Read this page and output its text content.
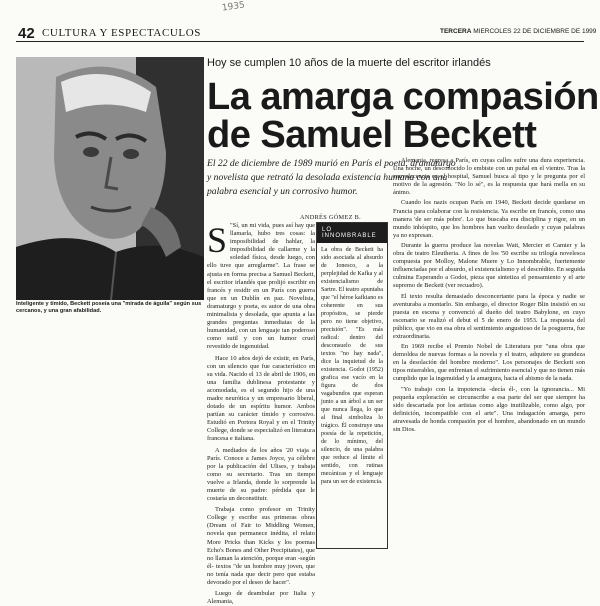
1935
42 CULTURA Y ESPECTACULOS	TERCERA MIERCOLES 22 DE DICIEMBRE DE 1999
Inteligente y tímido, Beckett poseía una "mirada de águila" según sus cercanos, y una gran afabilidad.
Hoy se cumplen 10 años de la muerte del escritor irlandés
La amarga compasión
de Samuel Beckett
El 22 de diciembre de 1989 murió en París el poeta, dramaturgo y novelista que retrató la desolada existencia humana con una palabra esencial y un corrosivo humor.
ANDRÉS GÓMEZ B.
S "Sí, un mi vida, pues así hay que llamarla, hubo tres cosas: la imposibilidad de hablar, la imposibilidad de callarme y la soledad física, desde luego, con ello tuve que arreglarme". La frase se ajusta en forma precisa a Samuel Beckett, el escritor irlandés que prolijó escribir en francés y residir en un París con guerra que en un Dublín en paz. Novelista, dramaturgo y poeta, es autor de una obra minimalista y desolada, que apunta a las grandes preguntas inmediatas de la humanidad, con un lenguaje tan poderoso como sutil y con un humor cruel revestido de ingenuidad.

Hace 10 años dejó de existir, en París, con un silencio que fue característico en su vida. Nacido el 13 de abril de 1906, en una familia dublinesa protestante y acomodada, es el segundo hijo de una madre neurótica y un empresario liberal, dotado de un espíritu humor. Ambos partían su carácter tímido y corrosivo. Estudió en Portora Royal y en el Trinity College, donde se especializó en literatura francesa e italiana.

A mediados de los años '20 viaja a París. Conoce a James Joyce, ya célebre por la publicación del Ulises, y trabaja como su secretario. Tras un tiempo vuelve a Irlanda, donde lo sorprende la muerte de su padre: pérdida que le costaría un deconstituir.

Trabaja como profesor en Trinity College y escribe sus primeras obras (Dream of Fair to Middling Women, novela que permanece inédita, el relato More Pricks than Kicks y los poemas Echo's Bones and Other Precipitates), que no llaman la atención, porque eran -según él- textos "de un hombre muy joven, que no tenía nada que decir pero que estaba devorado por el deseo de hacer".

Luego de deambular por Italia y Alemania,

LO INNOMBRABLE
La obra de Beckett ha sido asociada al absurdo de Ionesco, a la perplejidad de Kafka y al existencialismo de Sartre. El teatro apuntaba que "el héroe kafkiano es coherente en sus propósitos, se pierde pero no tiene objetivo, precisión". "Es más radical: dentro del desconsuelo de sus textos "no hay nada", dice la inquietud de la existencia. Godot (1952) grafica ese vacío en la figura de dos vagabundos que esperan junto a un árbol a un ser que nunca llega, lo que al final simboliza lo trágico. Él construye una poesía de la repetición, de lo mínimo, del silencio, de una palabra que reduce al límite el sentido, con rutinas mecánicas y el lenguaje para un ser de existencia.

Alemania, regresa a París, en cuyas calles sufre una dura experiencia. Una noche, un desconocido lo embiste con un puñal en el vientre. Tras la convalecencia en el hospital, Samuel busca al tipo y le pregunta por el motivo de la agresión. "No lo sé", es la respuesta que hará mella en su ánimo.

Cuando los nazis ocupan París en 1940, Beckett decide quedarse en Francia para colaborar con la resistencia. Ya escribe en francés, como una manera 'de ser más pobre'. Lo que buscaba era disciplina y rigor, en un mundo inhóspito, que los hombres han vuelto desolado y cuyas palabras ya no expresan.

Durante la guerra produce las novelas Watt, Mercier et Camier y la obra de teatro Eleutheria. A fines de los '50 escribe su trilogía novelesca compuesta por Molloy, Malone Muere y Lo Innombrable, fuertemente influenciadas por el absurdo, el existencialismo y el descrédito. En seguida culmina Esperando a Godot, pieza que sintetiza el pensamiento y el arte supremo de Beckett (ver recuadro).

El texto resulta demasiado desconcertante para la época y nadie se aventuraba a montarlo. Sin embargo, el director Roger Blin insistió en su puesta en escena y convenció al dueño del teatro Babylone, en cuyo escenario se realizó el debut el 5 de enero de 1953. La respuesta del público, que vio en esa obra el sentimiento angustioso de la posguerra, fue extraordinaria.

En 1969 recibe el Premio Nobel de Literatura por "una obra que demoldea de nuevas formas a la novela y el teatro, adquiere su grandeza en la desolación del hombre moderno". Los personajes de Beckett son tipos miserables, que enfrentan el sufrimiento esencial y que no tienen más cumplido que la ingenuidad y la amargura, hacia el abismo de la nada.

"Yo trabajo con la impotencia -decía él-, con la ignorancia... Mi pequeña exploración se circunscribe a esa parte del ser que siempre ha sido descartada por los artistas como algo inutilizable, como algo, por definición, incompatible con el arte". Una indagación amarga, pero atravesada de honda compasión por el hombre, abandonado en un mundo sin Dios.
